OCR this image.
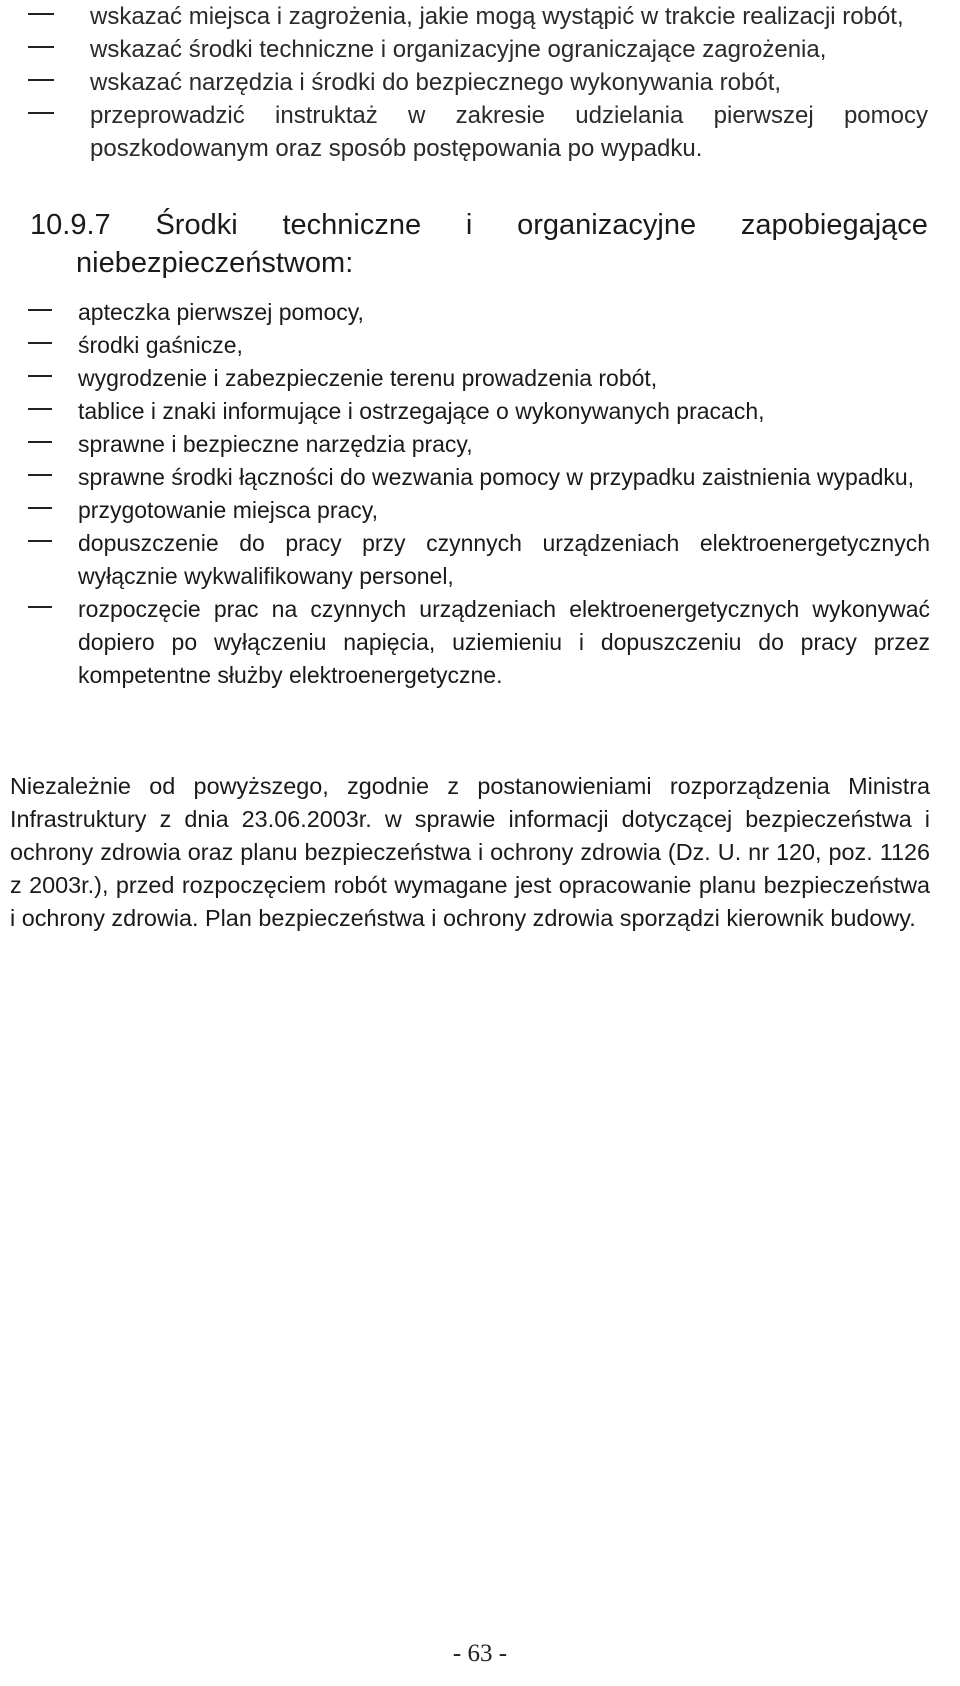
wskazać miejsca i zagrożenia, jakie mogą wystąpić w trakcie realizacji robót,
wskazać środki techniczne i organizacyjne ograniczające zagrożenia,
wskazać narzędzia i środki do bezpiecznego wykonywania robót,
przeprowadzić instruktaż w zakresie udzielania pierwszej pomocy poszkodowanym oraz sposób postępowania po wypadku.
10.9.7 Środki techniczne i organizacyjne zapobiegające
niebezpieczeństwom:
apteczka pierwszej pomocy,
środki gaśnicze,
wygrodzenie i zabezpieczenie terenu prowadzenia robót,
tablice i znaki informujące i ostrzegające o wykonywanych pracach,
sprawne i bezpieczne narzędzia pracy,
sprawne środki łączności do wezwania pomocy w przypadku zaistnienia wypadku,
przygotowanie miejsca pracy,
dopuszczenie do pracy przy czynnych urządzeniach elektroenergetycznych wyłącznie wykwalifikowany personel,
rozpoczęcie prac na czynnych urządzeniach elektroenergetycznych wykonywać dopiero po wyłączeniu napięcia, uziemieniu i dopuszczeniu do pracy przez kompetentne służby elektroenergetyczne.

Niezależnie od powyższego, zgodnie z postanowieniami rozporządzenia Ministra Infrastruktury z dnia 23.06.2003r. w sprawie informacji dotyczącej bezpieczeństwa i ochrony zdrowia oraz planu bezpieczeństwa i ochrony zdrowia (Dz. U. nr 120, poz. 1126 z 2003r.), przed rozpoczęciem robót wymagane jest opracowanie planu bezpieczeństwa i ochrony zdrowia. Plan bezpieczeństwa i ochrony zdrowia sporządzi kierownik budowy.

- 63 -
